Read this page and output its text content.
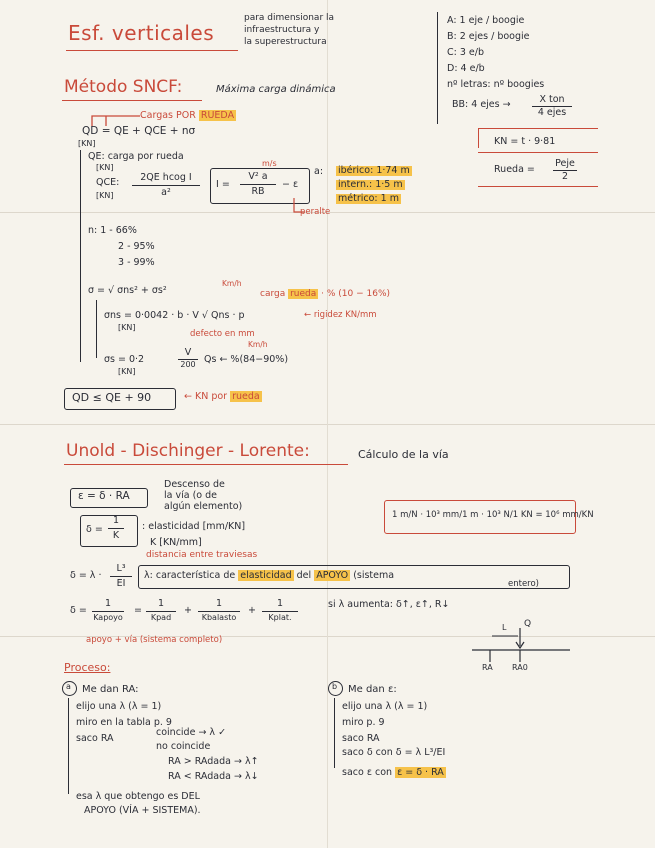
Esf. verticales
para dimensionar la
infraestructura y
la superestructura
A: 1 eje / boogie
B: 2 ejes / boogie
C: 3 e/b
D: 4 e/b
nº letras: nº boogies
BB: 4 ejes →	X ton
4 ejes
KN = t · 9·81
Rueda =
Peje
2
Método SNCF:	Máxima carga dinámica
Cargas POR RUEDA
QD = QE + QCE + nσ
[KN]
QE: carga por rueda
[KN]
QCE:
[KN]
2QE hcog I
a²
I =
V² a
RB
− ε
m/s
peralte
a: ibérico: 1·74 m
intern.: 1·5 m
métrico: 1 m
n: 1 - 66%
2 - 95%
3 - 99%
σ = √ σns² + σs²
Km/h
carga rueda · % (10 − 16%)
σns = 0·0042 · b · V √ Qns · p	← rigidez KN/mm
[KN]
defecto en mm
Km/h
σs = 0·2
V
200 Qs ← %(84−90%)
[KN]
QD ≤ QE + 90	← KN por rueda
Unold - Dischinger - Lorente:	Cálculo de la vía
ε = δ · RA
Descenso de
la vía (o de
algún elemento)
δ =
1
K
: elasticidad [mm/KN]
K [KN/mm]
1 m/N · 10³ mm/1 m · 10³ N/1 KN = 10⁶ mm/KN
distancia entre traviesas
δ = λ ·
L³
EI
λ: característica de elasticidad del APOYO (sistema
entero)
δ =
1
Kapoyo
=
1
Kpad
+
1
Kbalasto
+
1
Kplat.
apoyo + vía (sistema completo)
si λ aumenta: δ↑, ε↑, R↓
L Q
RA RA0
Proceso:
a Me dan RA:
elijo una λ (λ = 1)
miro en la tabla p. 9
saco RA
coincide → λ ✓
no coincide
RA > RAdada → λ↑
RA < RAdada → λ↓
esa λ que obtengo es DEL
APOYO (VÍA + SISTEMA).
b Me dan ε:
elijo una λ (λ = 1)
miro p. 9
saco RA
saco δ con δ = λ L³/EI
saco ε con ε = δ · RA
